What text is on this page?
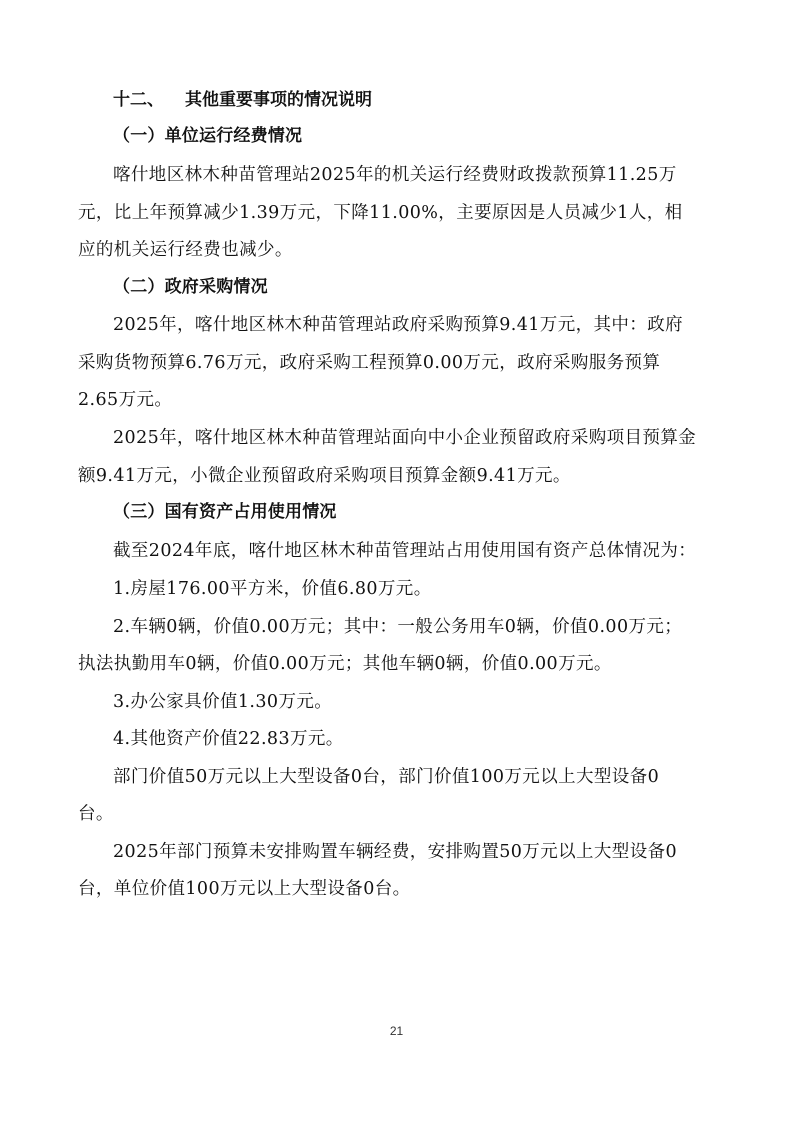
十二、 其他重要事项的情况说明
（一）单位运行经费情况
喀什地区林木种苗管理站2025年的机关运行经费财政拨款预算11.25万
元，比上年预算减少1.39万元，下降11.00%，主要原因是人员减少1人，相
应的机关运行经费也减少。
（二）政府采购情况
2025年，喀什地区林木种苗管理站政府采购预算9.41万元，其中：政府
采购货物预算6.76万元，政府采购工程预算0.00万元，政府采购服务预算
2.65万元。
2025年，喀什地区林木种苗管理站面向中小企业预留政府采购项目预算金
额9.41万元，小微企业预留政府采购项目预算金额9.41万元。
（三）国有资产占用使用情况
截至2024年底，喀什地区林木种苗管理站占用使用国有资产总体情况为：
1.房屋176.00平方米，价值6.80万元。
2.车辆0辆，价值0.00万元；其中：一般公务用车0辆，价值0.00万元；
执法执勤用车0辆，价值0.00万元；其他车辆0辆，价值0.00万元。
3.办公家具价值1.30万元。
4.其他资产价值22.83万元。
部门价值50万元以上大型设备0台，部门价值100万元以上大型设备0
台。
2025年部门预算未安排购置车辆经费，安排购置50万元以上大型设备0
台，单位价值100万元以上大型设备0台。
21
